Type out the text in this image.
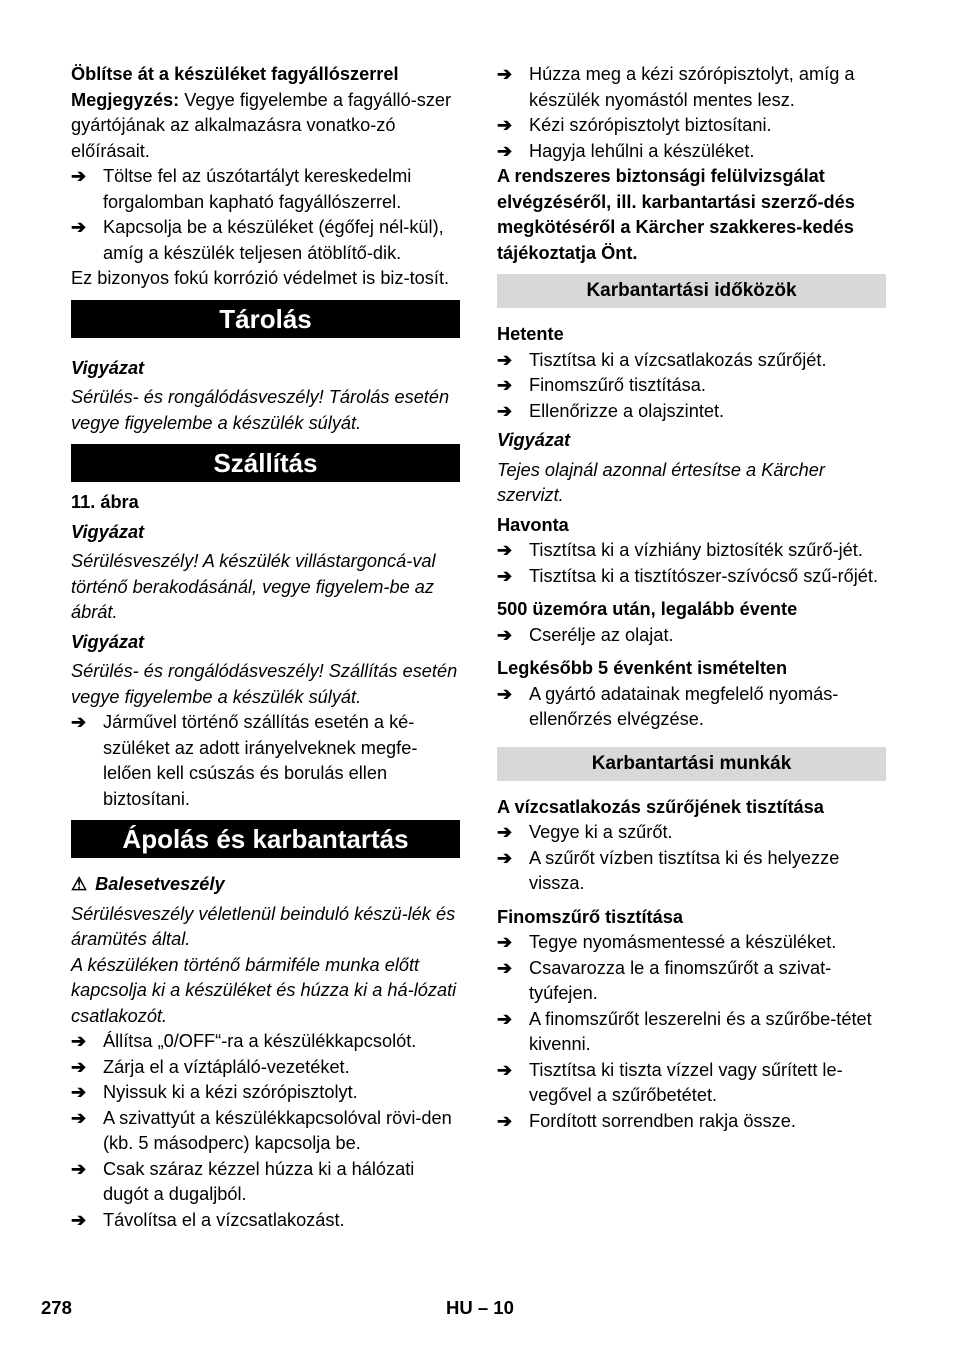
Öblítse át a készüléket fagyállószerrel

Megjegyzés: Vegye figyelembe a fagyálló-szer gyártójának az alkalmazásra vonatko-zó előírásait.

➔ Töltse fel az úszótartályt kereskedelmi forgalomban kapható fagyállószerrel.
➔ Kapcsolja be a készüléket (égőfej nél-kül), amíg a készülék teljesen átöblítő-dik.

Ez bizonyos fokú korrózió védelmet is biz-tosít.

Tárolás

Vigyázat

Sérülés- és rongálódásveszély! Tárolás esetén vegye figyelembe a készülék súlyát.

Szállítás

11. ábra

Vigyázat

Sérülésveszély! A készülék villástargoncá-val történő berakodásánál, vegye figyelem-be az ábrát.

Vigyázat

Sérülés- és rongálódásveszély! Szállítás esetén vegye figyelembe a készülék súlyát.

➔ Járművel történő szállítás esetén a ké-szüléket az adott irányelveknek megfe-lelően kell csúszás és borulás ellen biztosítani.
Ápolás és karbantartás

⚠ Balesetveszély

Sérülésveszély véletlenül beinduló készü-lék és áramütés által.

A készüléken történő bármiféle munka előtt kapcsolja ki a készüléket és húzza ki a há-lózati csatlakozót.

➔ Állítsa „0/OFF“-ra a készülékkapcsolót.
➔ Zárja el a víztápláló-vezetéket.
➔ Nyissuk ki a kézi szórópisztolyt.
➔ A szivattyút a készülékkapcsolóval rövi-den (kb. 5 másodperc) kapcsolja be.
➔ Csak száraz kézzel húzza ki a hálózati dugót a dugaljból.
➔ Távolítsa el a vízcsatlakozást.
➔ Húzza meg a kézi szórópisztolyt, amíg a készülék nyomástól mentes lesz.
➔ Kézi szórópisztolyt biztosítani.
➔ Hagyja lehűlni a készüléket.

A rendszeres biztonsági felülvizsgálat elvégzéséről, ill. karbantartási szerző-dés megkötéséről a Kärcher szakkeres-kedés tájékoztatja Önt.

Karbantartási időközök

Hetente

➔ Tisztítsa ki a vízcsatlakozás szűrőjét.
➔ Finomszűrő tisztítása.
➔ Ellenőrizze a olajszintet.

Vigyázat

Tejes olajnál azonnal értesítse a Kärcher szervizt.

Havonta

➔ Tisztítsa ki a vízhiány biztosíték szűrő-jét.
➔ Tisztítsa ki a tisztítószer-szívócső szű-rőjét.

500 üzemóra után, legalább évente

➔ Cserélje az olajat.

Legkésőbb 5 évenként ismételten

➔ A gyártó adatainak megfelelő nyomás-ellenőrzés elvégzése.
Karbantartási munkák

A vízcsatlakozás szűrőjének tisztítása

➔ Vegye ki a szűrőt.
➔ A szűrőt vízben tisztítsa ki és helyezze vissza.

Finomszűrő tisztítása

➔ Tegye nyomásmentessé a készüléket.
➔ Csavarozza le a finomszűrőt a szivat-tyúfejen.
➔ A finomszűrőt leszerelni és a szűrőbe-tétet kivenni.
➔ Tisztítsa ki tiszta vízzel vagy sűrített le-vegővel a szűrőbetétet.
➔ Fordított sorrendben rakja össze.
278	HU – 10
